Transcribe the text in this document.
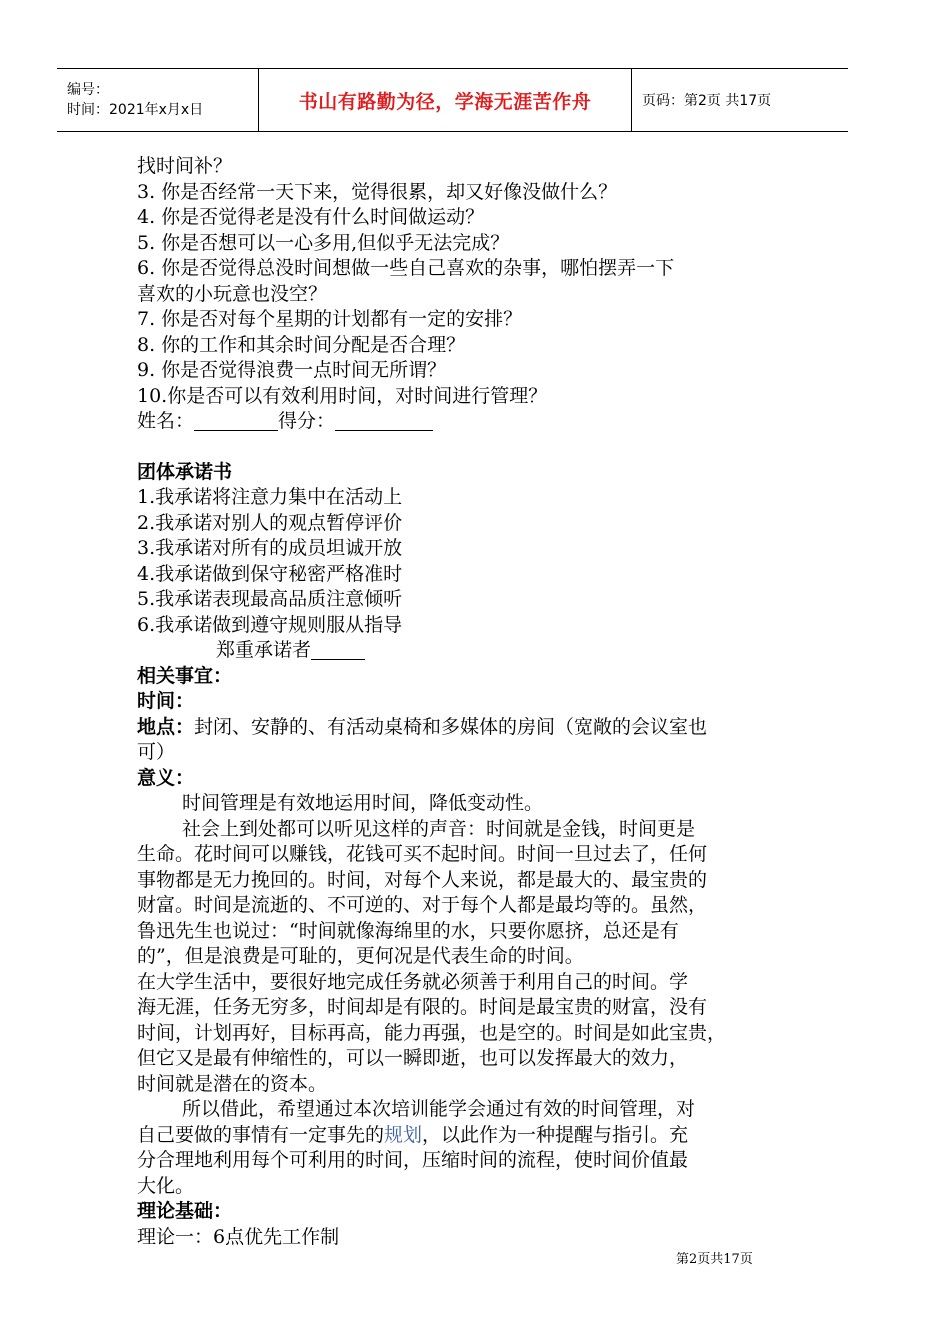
编号：
时间：2021年x月x日	书山有路勤为径，学海无涯苦作舟	页码：第2页 共17页

找时间补？

3. 你是否经常一天下来，觉得很累，却又好像没做什么？

4. 你是否觉得老是没有什么时间做运动？

5. 你是否想可以一心多用,但似乎无法完成？

6. 你是否觉得总没时间想做一些自己喜欢的杂事，哪怕摆弄一下

喜欢的小玩意也没空？

7. 你是否对每个星期的计划都有一定的安排？

8. 你的工作和其余时间分配是否合理？

9. 你是否觉得浪费一点时间无所谓？

10.你是否可以有效利用时间，对时间进行管理？

姓名：	得分：

团体承诺书

1.我承诺将注意力集中在活动上

2.我承诺对别人的观点暂停评价

3.我承诺对所有的成员坦诚开放

4.我承诺做到保守秘密严格准时

5.我承诺表现最高品质注意倾听

6.我承诺做到遵守规则服从指导

郑重承诺者

相关事宜：

时间：

地点：封闭、安静的、有活动桌椅和多媒体的房间（宽敞的会议室也

可）

意义：

时间管理是有效地运用时间，降低变动性。

社会上到处都可以听见这样的声音：时间就是金钱，时间更是

生命。花时间可以赚钱，花钱可买不起时间。时间一旦过去了，任何

事物都是无力挽回的。时间，对每个人来说，都是最大的、最宝贵的

财富。时间是流逝的、不可逆的、对于每个人都是最均等的。虽然，

鲁迅先生也说过：“时间就像海绵里的水，只要你愿挤，总还是有

的”，但是浪费是可耻的，更何况是代表生命的时间。

在大学生活中，要很好地完成任务就必须善于利用自己的时间。学

海无涯，任务无穷多，时间却是有限的。时间是最宝贵的财富，没有

时间，计划再好，目标再高，能力再强，也是空的。时间是如此宝贵，

但它又是最有伸缩性的，可以一瞬即逝，也可以发挥最大的效力，

时间就是潜在的资本。

所以借此，希望通过本次培训能学会通过有效的时间管理，对

自己要做的事情有一定事先的规划，以此作为一种提醒与指引。充

分合理地利用每个可利用的时间，压缩时间的流程，使时间价值最

大化。

理论基础：

理论一：6点优先工作制

第2页共17页
